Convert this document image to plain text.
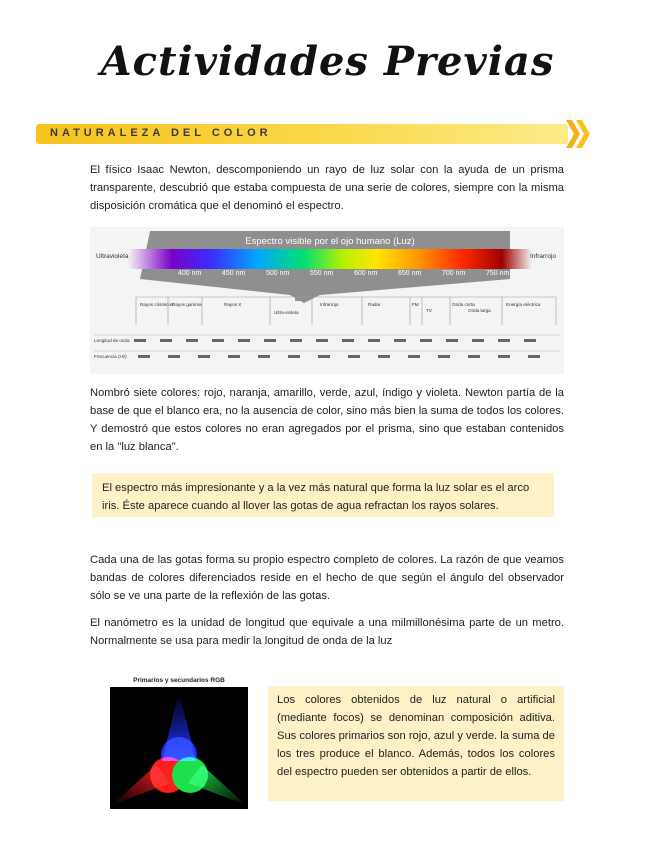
Actividades Previas
NATURALEZA DEL COLOR
El físico Isaac Newton, descomponiendo un rayo de luz solar con la ayuda de un prisma transparente, descubrió que estaba compuesta de una serie de colores, siempre con la misma disposición cromática que el denominó el espectro.
Espectro visible por el ojo humano (Luz)
Ultravioleta	Infrarrojo
400 nm	450 nm	500 nm	550 nm	600 nm	650 nm	700 nm	750 nm
Rayos cósmicos
Rayos gamma	Rayos X
Ultra-violeta
Infrarrojo	Radar	FM
TV
Onda corta
Onda larga
Energía eléctrica
Longitud de onda
Frecuencia (Hz)
Nombró siete colores: rojo, naranja, amarillo, verde, azul, índigo y violeta. Newton partía de la base de que el blanco era, no la ausencia de color, sino más bien la suma de todos los colores. Y demostró que estos colores no eran agregados por el prisma, sino que estaban contenidos en la "luz blanca".
El espectro más impresionante y a la vez más natural que forma la luz solar es el arco iris. Éste aparece cuando al llover las gotas de agua refractan los rayos solares.
Cada una de las gotas forma su propio espectro completo de colores. La razón de que veamos bandas de colores diferenciados reside en el hecho de que según el ángulo del observador sólo se ve una parte de la reflexión de las gotas.
El nanómetro es la unidad de longitud que equivale a una milmillonésima parte de un metro. Normalmente se usa para medir la longitud de onda de la luz
Primarios y secundarios RGB
Los colores obtenidos de luz natural o artificial (mediante focos) se denominan composición aditiva. Sus colores primarios son rojo, azul y verde. la suma de los tres produce el blanco. Además, todos los colores del espectro pueden ser obtenidos a partir de ellos.
